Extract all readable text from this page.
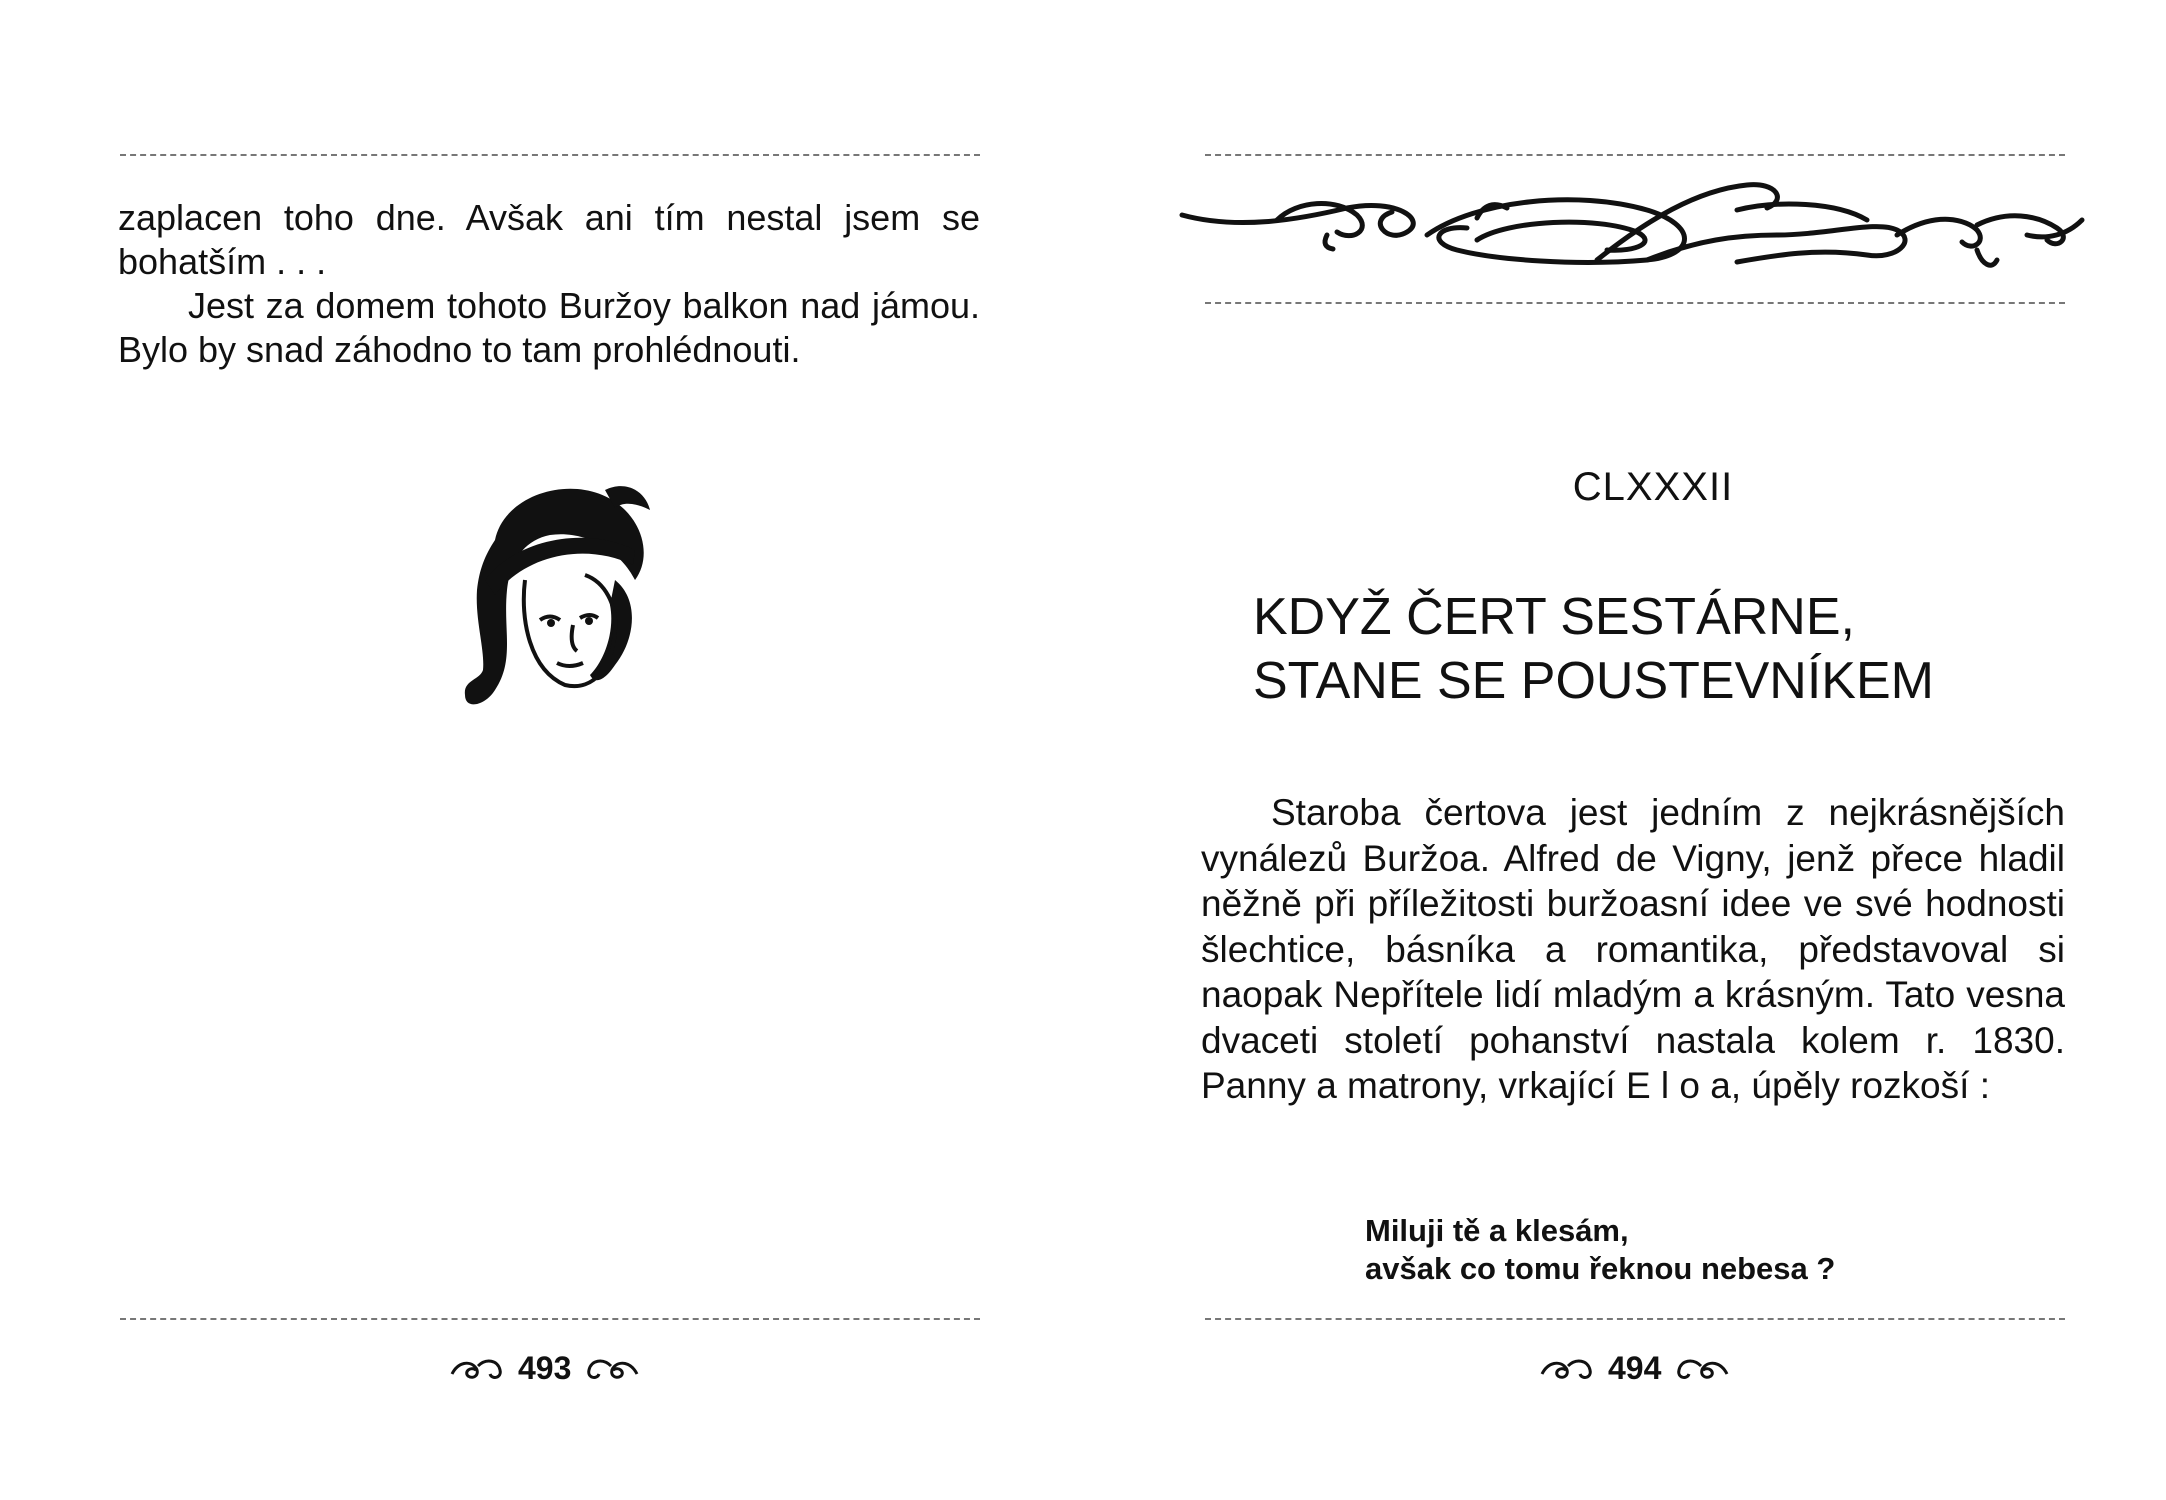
zaplacen toho dne. Avšak ani tím nestal jsem se bohatším . . .

Jest za domem tohoto Buržoy balkon nad jámou. Bylo by snad záhodno to tam prohlédnouti.

493
CLXXXII
KDYŽ ČERT SESTÁRNE,
STANE SE POUSTEVNÍKEM

Staroba čertova jest jedním z nejkrásnějších vynálezů Buržoa. Alfred de Vigny, jenž přece hladil něžně při příležitosti buržoasní idee ve své hodnosti šlechtice, básníka a romantika, představoval si naopak Nepřítele lidí mladým a krásným. Tato vesna dvaceti století pohanství nastala kolem r. 1830. Panny a matrony, vrkající E l o a, úpěly rozkoší :

Miluji tě a klesám,
avšak co tomu řeknou nebesa ?
494
